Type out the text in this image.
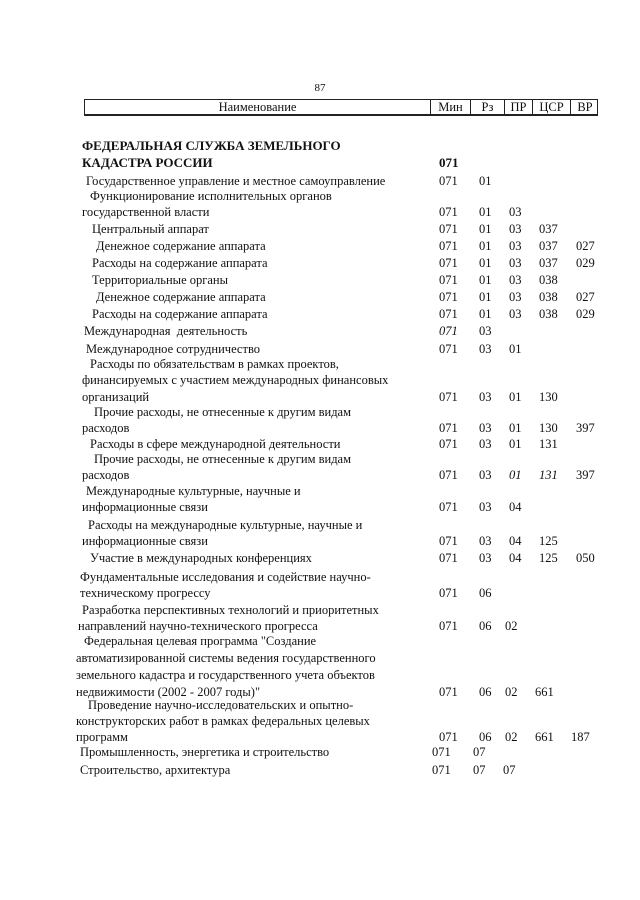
87
Наименование	Мин	Рз	ПР	ЦСР	ВР
ФЕДЕРАЛЬНАЯ СЛУЖБА ЗЕМЕЛЬНОГО
КАДАСТРА РОССИИ	071
Государственное управление и местное самоуправление	071 01
Функционирование исполнительных органов
государственной власти	071 01 03
Центральный аппарат	071 01 03 037
Денежное содержание аппарата	071 01 03 037 027
Расходы на содержание аппарата	071 01 03 037 029
Территориальные органы	071 01 03 038
Денежное содержание аппарата	071 01 03 038 027
Расходы на содержание аппарата	071 01 03 038 029
Международная  деятельность	071 03
Международное сотрудничество	071 03 01
Расходы по обязательствам в рамках проектов,
финансируемых с участием международных финансовых
организаций	071 03 01 130
Прочие расходы, не отнесенные к другим видам
расходов	071 03 01 130 397
Расходы в сфере международной деятельности	071 03 01 131
Прочие расходы, не отнесенные к другим видам
расходов	071 03 01 131 397
Международные культурные, научные и
информационные связи	071 03 04
Расходы на международные культурные, научные и
информационные связи	071 03 04 125
Участие в международных конференциях	071 03 04 125 050
Фундаментальные исследования и содействие научно-
техническому прогрессу	071 06
Разработка перспективных технологий и приоритетных
направлений научно-технического прогресса	071 06 02
Федеральная целевая программа "Создание
автоматизированной системы ведения государственного
земельного кадастра и государственного учета объектов
недвижимости (2002 - 2007 годы)"	071 06 02 661
Проведение научно-исследовательских и опытно-
конструкторских работ в рамках федеральных целевых
программ	071 06 02 661 187
Промышленность, энергетика и строительство	071 07
Строительство, архитектура	071 07 07
